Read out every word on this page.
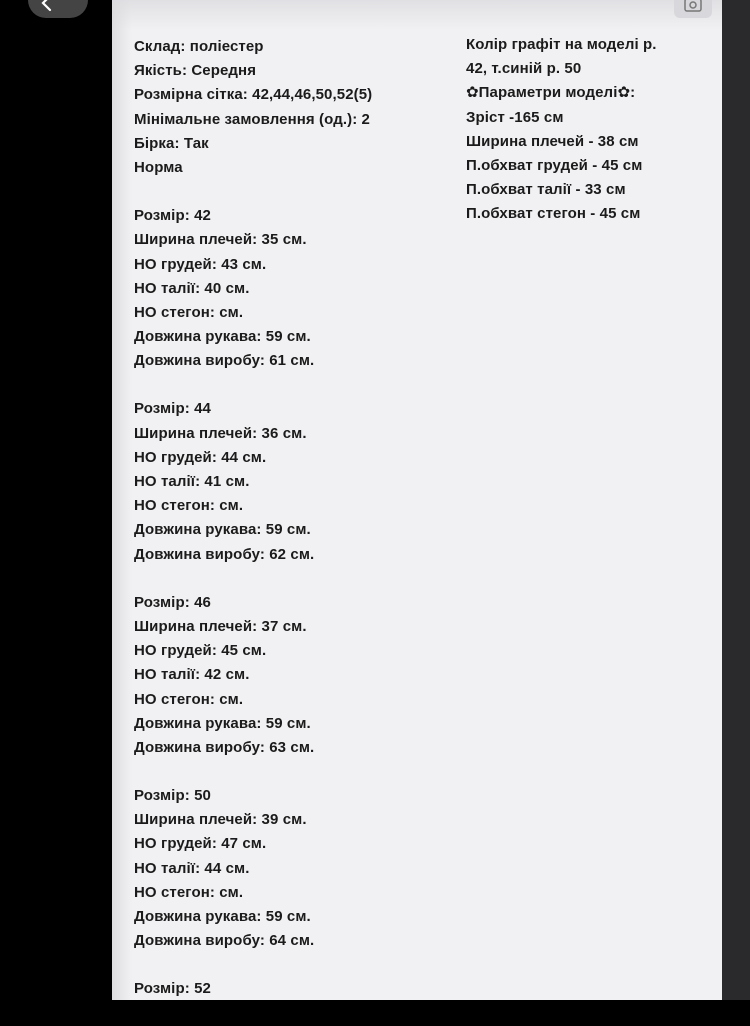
Склад: поліестер
Якість: Середня
Розмірна сітка: 42,44,46,50,52(5)
Мінімальне замовлення (од.): 2
Бірка: Так
Норма
Розмір: 42
Ширина плечей: 35 см.
НО грудей: 43 см.
НО талії: 40 см.
НО стегон: см.
Довжина рукава: 59 см.
Довжина виробу: 61 см.
Розмір: 44
Ширина плечей: 36 см.
НО грудей: 44 см.
НО талії: 41 см.
НО стегон: см.
Довжина рукава: 59 см.
Довжина виробу: 62 см.
Розмір: 46
Ширина плечей: 37 см.
НО грудей: 45 см.
НО талії: 42 см.
НО стегон: см.
Довжина рукава: 59 см.
Довжина виробу: 63 см.
Розмір: 50
Ширина плечей: 39 см.
НО грудей: 47 см.
НО талії: 44 см.
НО стегон: см.
Довжина рукава: 59 см.
Довжина виробу: 64 см.
Розмір: 52
Колір графіт на моделі р.
42, т.синій р. 50
✿Параметри моделі✿:
Зріст -165 см
Ширина плечей - 38 см
П.обхват грудей - 45 см
П.обхват талії - 33 см
П.обхват стегон - 45 см
